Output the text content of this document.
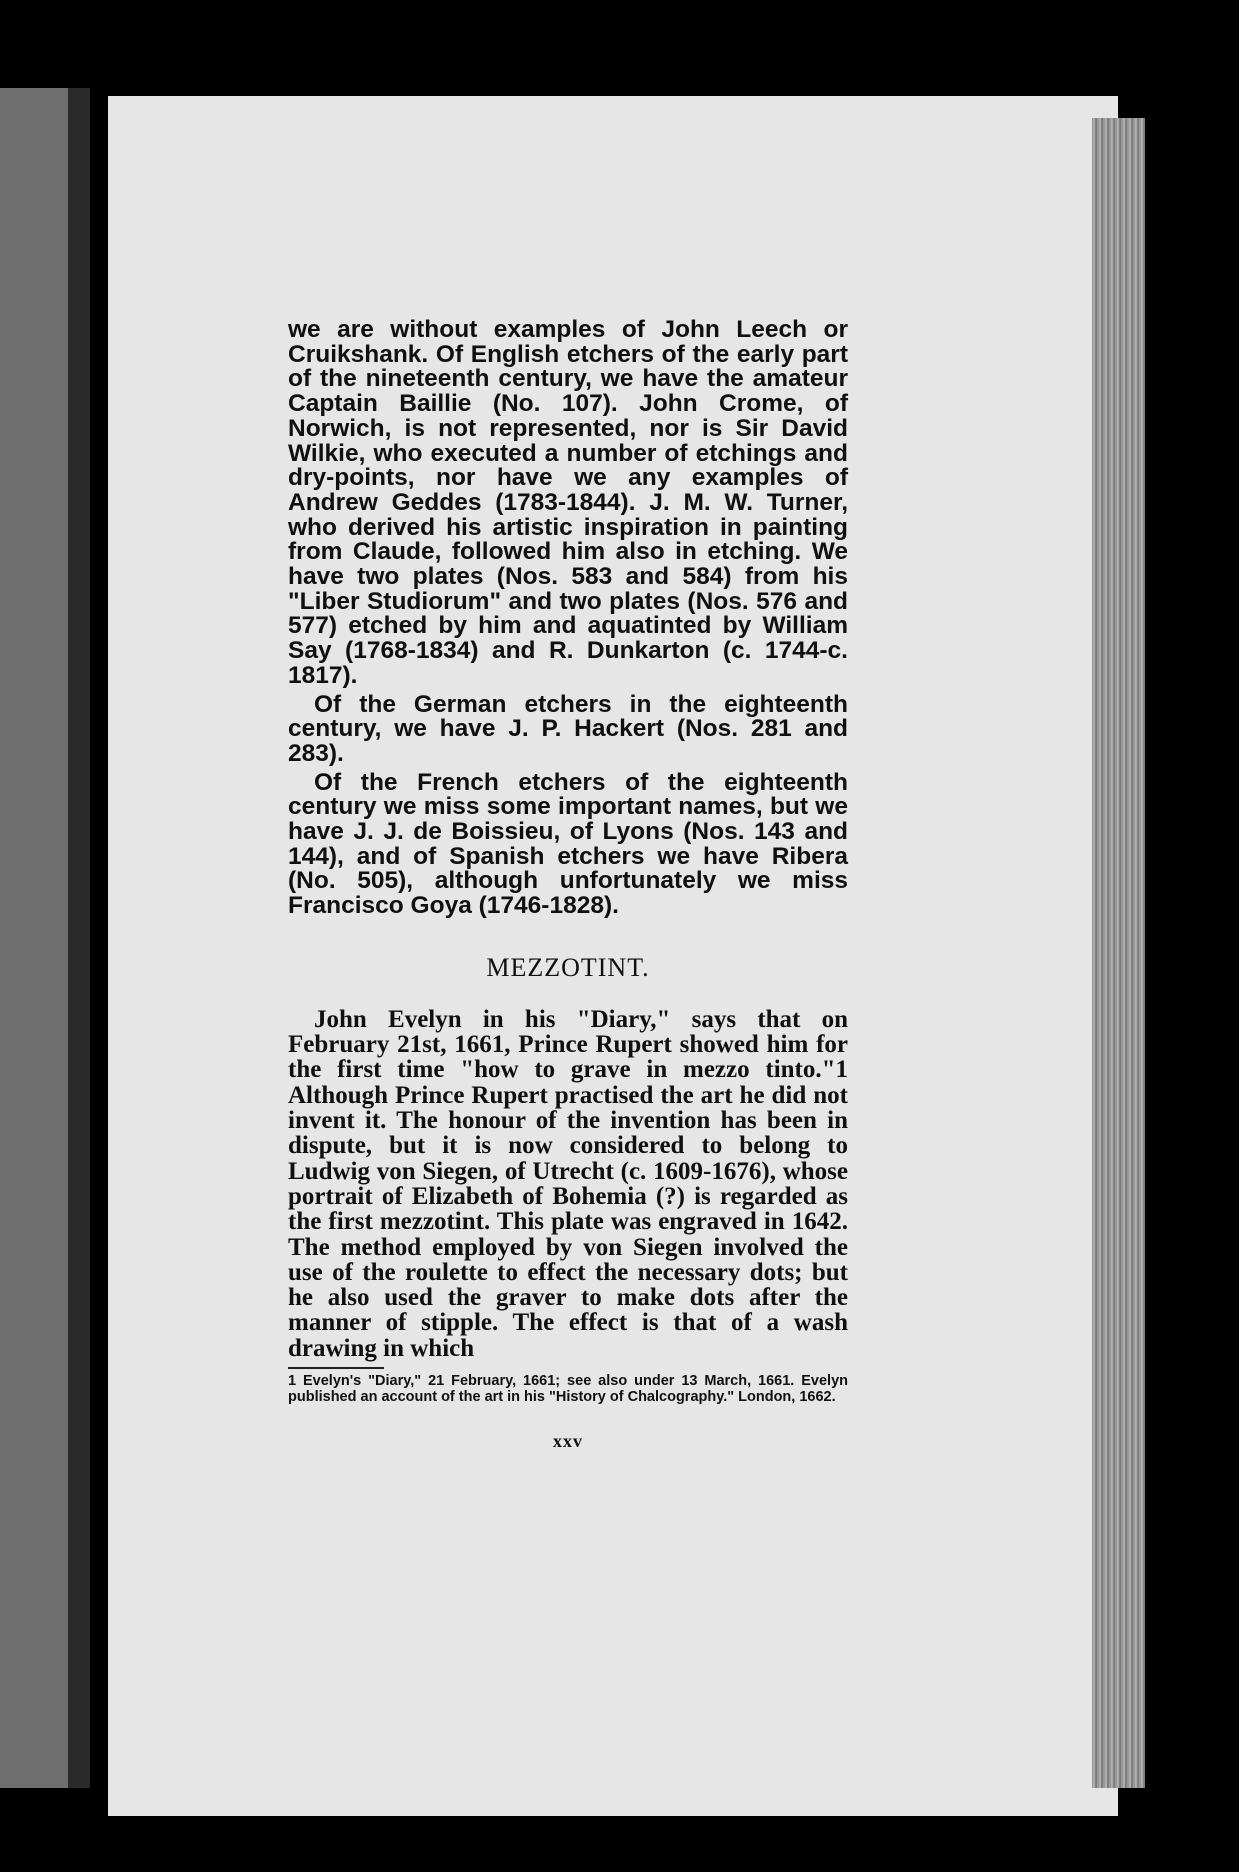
we are without examples of John Leech or Cruikshank. Of English etchers of the early part of the nineteenth century, we have the amateur Captain Baillie (No. 107). John Crome, of Norwich, is not represented, nor is Sir David Wilkie, who executed a number of etchings and dry-points, nor have we any examples of Andrew Geddes (1783-1844). J. M. W. Turner, who derived his artistic inspiration in painting from Claude, followed him also in etching. We have two plates (Nos. 583 and 584) from his "Liber Studiorum" and two plates (Nos. 576 and 577) etched by him and aquatinted by William Say (1768-1834) and R. Dunkarton (c. 1744-c. 1817).

Of the German etchers in the eighteenth century, we have J. P. Hackert (Nos. 281 and 283).

Of the French etchers of the eighteenth century we miss some important names, but we have J. J. de Boissieu, of Lyons (Nos. 143 and 144), and of Spanish etchers we have Ribera (No. 505), although unfortunately we miss Francisco Goya (1746-1828).

MEZZOTINT.

John Evelyn in his "Diary," says that on February 21st, 1661, Prince Rupert showed him for the first time "how to grave in mezzo tinto."1 Although Prince Rupert practised the art he did not invent it. The honour of the invention has been in dispute, but it is now considered to belong to Ludwig von Siegen, of Utrecht (c. 1609-1676), whose portrait of Elizabeth of Bohemia (?) is regarded as the first mezzotint. This plate was engraved in 1642. The method employed by von Siegen involved the use of the roulette to effect the necessary dots; but he also used the graver to make dots after the manner of stipple. The effect is that of a wash drawing in which

1 Evelyn's "Diary," 21 February, 1661; see also under 13 March, 1661. Evelyn published an account of the art in his "History of Chalcography." London, 1662.

xxv
